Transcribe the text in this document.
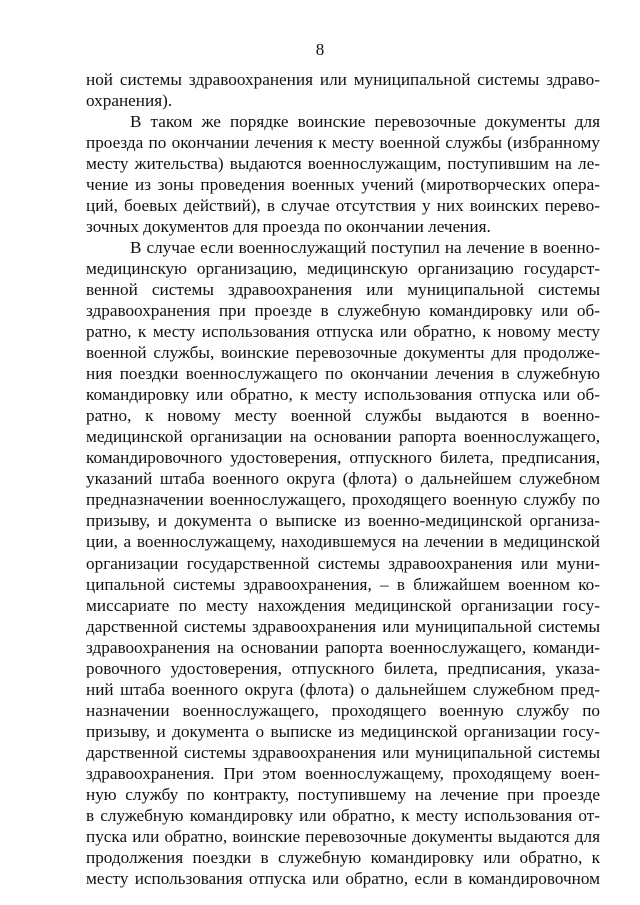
8
ной системы здравоохранения или муниципальной системы здраво-
охранения).
В таком же порядке воинские перевозочные документы для
проезда по окончании лечения к месту военной службы (избранному
месту жительства) выдаются военнослужащим, поступившим на ле-
чение из зоны проведения военных учений (миротворческих опера-
ций, боевых действий), в случае отсутствия у них воинских перево-
зочных документов для проезда по окончании лечения.
В случае если военнослужащий поступил на лечение в военно-
медицинскую организацию, медицинскую организацию государст-
венной системы здравоохранения или муниципальной системы
здравоохранения при проезде в служебную командировку или об-
ратно, к месту использования отпуска или обратно, к новому месту
военной службы, воинские перевозочные документы для продолже-
ния поездки военнослужащего по окончании лечения в служебную
командировку или обратно, к месту использования отпуска или об-
ратно, к новому месту военной службы выдаются в военно-
медицинской организации на основании рапорта военнослужащего,
командировочного удостоверения, отпускного билета, предписания,
указаний штаба военного округа (флота) о дальнейшем служебном
предназначении военнослужащего, проходящего военную службу по
призыву, и документа о выписке из военно-медицинской организа-
ции, а военнослужащему, находившемуся на лечении в медицинской
организации государственной системы здравоохранения или муни-
ципальной системы здравоохранения, – в ближайшем военном ко-
миссариате по месту нахождения медицинской организации госу-
дарственной системы здравоохранения или муниципальной системы
здравоохранения на основании рапорта военнослужащего, команди-
ровочного удостоверения, отпускного билета, предписания, указа-
ний штаба военного округа (флота) о дальнейшем служебном пред-
назначении военнослужащего, проходящего военную службу по
призыву, и документа о выписке из медицинской организации госу-
дарственной системы здравоохранения или муниципальной системы
здравоохранения. При этом военнослужащему, проходящему воен-
ную службу по контракту, поступившему на лечение при проезде
в служебную командировку или обратно, к месту использования от-
пуска или обратно, воинские перевозочные документы выдаются для
продолжения поездки в служебную командировку или обратно, к
месту использования отпуска или обратно, если в командировочном
